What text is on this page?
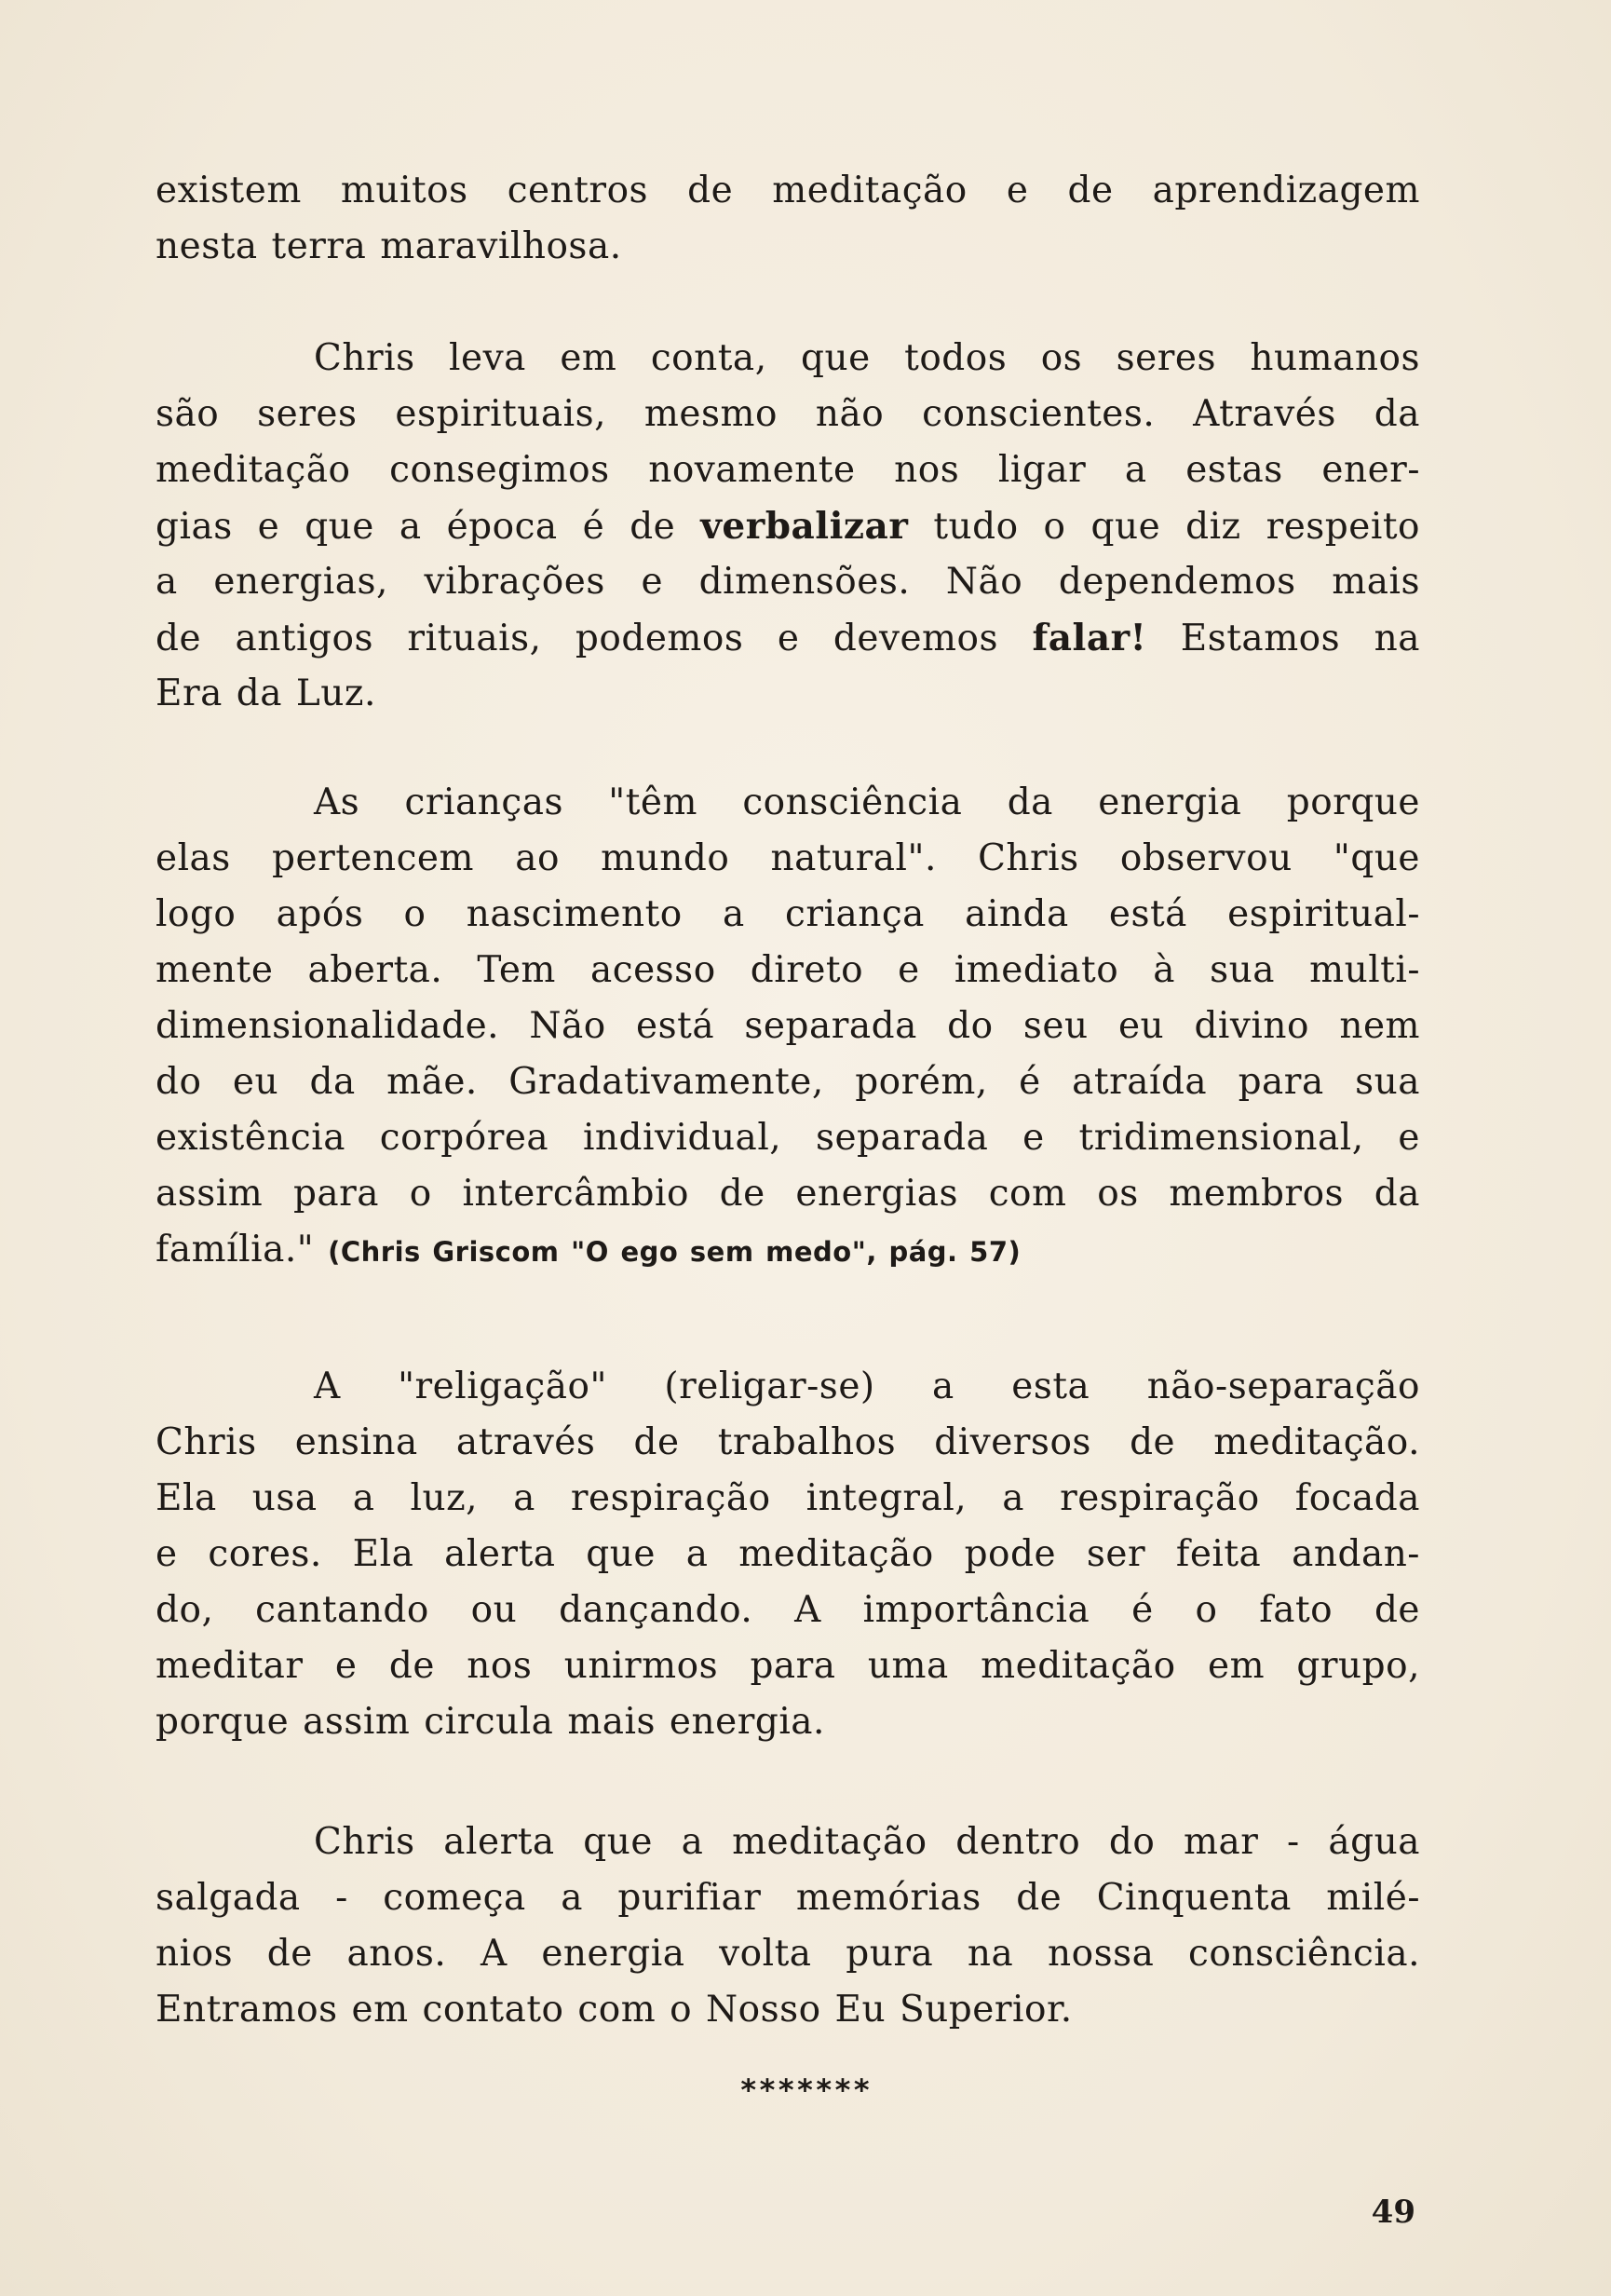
existem muitos centros de meditação e de aprendizagem
nesta terra maravilhosa.
Chris leva em conta, que todos os seres humanos
são seres espirituais, mesmo não conscientes. Através da
meditação consegimos novamente nos ligar a estas ener-
gias e que a época é de verbalizar tudo o que diz respeito
a energias, vibrações e dimensões. Não dependemos mais
de antigos rituais, podemos e devemos falar! Estamos na
Era da Luz.
As crianças "têm consciência da energia porque
elas pertencem ao mundo natural". Chris observou "que
logo após o nascimento a criança ainda está espiritual-
mente aberta. Tem acesso direto e imediato à sua multi-
dimensionalidade. Não está separada do seu eu divino nem
do eu da mãe. Gradativamente, porém, é atraída para sua
existência corpórea individual, separada e tridimensional, e
assim para o intercâmbio de energias com os membros da
família." (Chris Griscom "O ego sem medo", pág. 57)
A "religação" (religar-se) a esta não-separação
Chris ensina através de trabalhos diversos de meditação.
Ela usa a luz, a respiração integral, a respiração focada
e cores. Ela alerta que a meditação pode ser feita andan-
do, cantando ou dançando. A importância é o fato de
meditar e de nos unirmos para uma meditação em grupo,
porque assim circula mais energia.
Chris alerta que a meditação dentro do mar - água
salgada - começa a purifiar memórias de Cinquenta milé-
nios de anos. A energia volta pura na nossa consciência.
Entramos em contato com o Nosso Eu Superior.
*******
49
